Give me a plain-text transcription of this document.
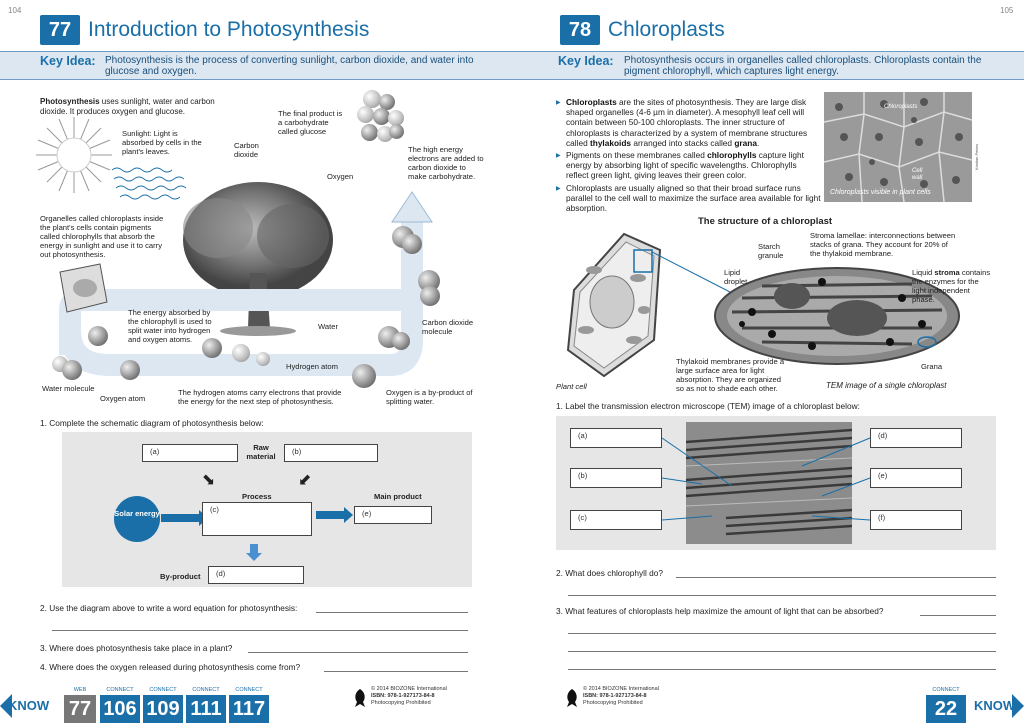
104
77 Introduction to Photosynthesis
Key Idea: Photosynthesis is the process of converting sunlight, carbon dioxide, and water into glucose and oxygen.
Photosynthesis uses sunlight, water and carbon dioxide. It produces oxygen and glucose.
Sunlight: Light is absorbed by cells in the plant's leaves.
Carbon dioxide
The final product is a carbohydrate called glucose
The high energy electrons are added to carbon dioxide to make carbohydrate.
Oxygen
Organelles called chloroplasts inside the plant's cells contain pigments called chlorophylls that absorb the energy in sunlight and use it to carry out photosynthesis.
The energy absorbed by the chlorophyll is used to split water into hydrogen and oxygen atoms.
Water	Carbon dioxide molecule
Hydrogen atom
Water molecule
Oxygen atom
The hydrogen atoms carry electrons that provide the energy for the next step of photosynthesis.
Oxygen is a by-product of splitting water.
1. Complete the schematic diagram of photosynthesis below:
(a)	Raw material
(b)
➡	➡
Process	Main product
Solar energy	(c)	(e)
By-product	(d)
2. Use the diagram above to write a word equation for photosynthesis:
3. Where does photosynthesis take place in a plant?
4. Where does the oxygen released during photosynthesis come from?
KNOW
WEB
77
CONNECT
106
CONNECT
109
CONNECT
111
CONNECT
117
© 2014 BIOZONE International
ISBN: 978-1-927173-84-8
Photocopying Prohibited
105
78 Chloroplasts
Key Idea: Photosynthesis occurs in organelles called chloroplasts. Chloroplasts contain the pigment chlorophyll, which captures light energy.
▶ Chloroplasts are the sites of photosynthesis. They are large disk shaped organelles (4-6 µm in diameter). A mesophyll leaf cell will contain between 50-100 chloroplasts. The inner structure of chloroplasts is characterized by a system of membrane structures called thylakoids arranged into stacks called grana.
▶ Pigments on these membranes called chlorophylls capture light energy by absorbing light of specific wavelengths. Chlorophylls reflect green light, giving leaves their green color.
▶ Chloroplasts are usually aligned so that their broad surface runs parallel to the cell wall to maximize the surface area available for light absorption.
Chloroplasts
Cell wall
Chloroplasts visible in plant cells
Kristian Peters
The structure of a chloroplast
Starch granule
Stroma lamellae: interconnections between stacks of grana. They account for 20% of the thylakoid membrane.
Lipid droplet
Liquid stroma contains the enzymes for the light independent phase.
Thylakoid membranes provide a large surface area for light absorption. They are organized so as not to shade each other.
Grana
Plant cell	TEM image of a single chloroplast
1. Label the transmission electron microscope (TEM) image of a chloroplast below:
(a)
(b)
(c)
(d)
(e)
(f)
2. What does chlorophyll do?
3. What features of chloroplasts help maximize the amount of light that can be absorbed?
© 2014 BIOZONE International
ISBN: 978-1-927173-84-8
Photocopying Prohibited
CONNECT
22	KNOW
